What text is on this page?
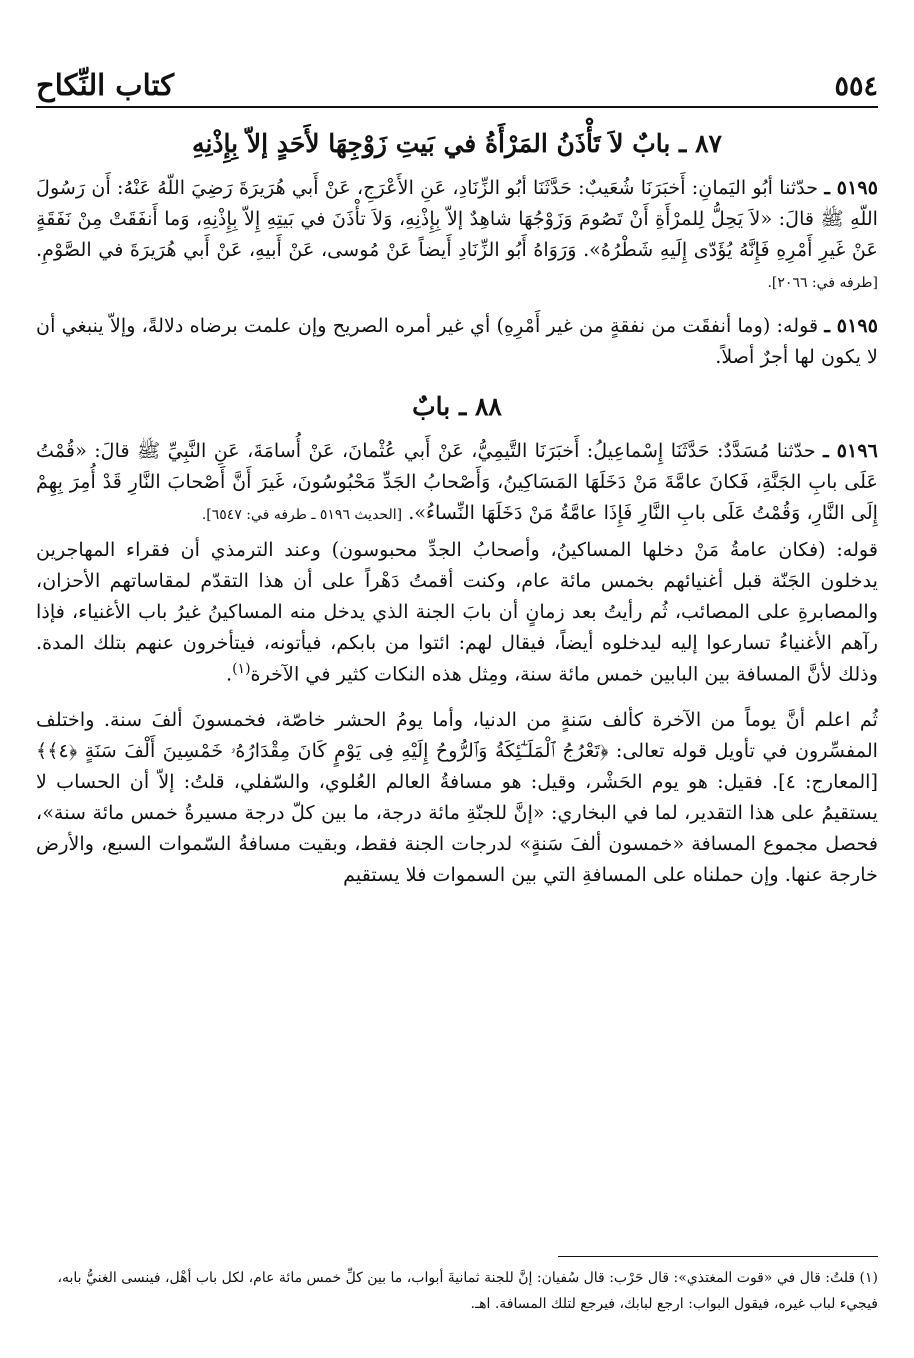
كتاب النِّكاح	٥٥٤
٨٧ ـ بابٌ لاَ تَأْذَنُ المَرْأَةُ في بَيتِ زَوْجِهَا لأَحَدٍ إلاّ بِإِذْنِهِ

٥١٩٥ ـ حدّثنا أبُو اليَمانِ: أَخبَرَنَا شُعَيبٌ: حَدَّثَنَا أبُو الزِّنَادِ، عَنِ الأَعْرَجِ، عَنْ أَبي هُرَيرَةَ رَضِيَ اللّهُ عَنْهُ: أَن رَسُولَ اللّهِ ﷺ قالَ: «لاَ يَحِلُّ لِلمرْأَةِ أَنْ تَصُومَ وَزَوْجُهَا شاهِدٌ إلاّ بِإِذْنِهِ، وَلاَ تأْذَنَ في بَيتِهِ إِلاّ بِإِذْنِهِ، وَما أَنفَقَتْ مِنْ نَفَقَةٍ عَنْ غَيرِ أَمْرِهِ فَإِنَّهُ يُؤَدّى إِلَيهِ شَطْرُهُ». وَرَوَاهُ أَبُو الزِّنَادِ أَيضاً عَنْ مُوسى، عَنْ أَبيهِ، عَنْ أَبي هُرَيرَةَ في الصَّوْمِ. [طرفه في: ٢٠٦٦].

٥١٩٥ ـ قوله: (وما أنفقَت من نفقةٍ من غير أَمْرِهِ) أي غير أمره الصريح وإن علمت برضاه دلالةً، وإلاّ ينبغي أن لا يكون لها أجرٌ أصلاً.

٨٨ ـ بابٌ

٥١٩٦ ـ حدّثنا مُسَدَّدٌ: حَدَّثَنَا إِسْماعِيلُ: أَخبَرَنَا التَّيمِيُّ، عَنْ أَبي عُثْمانَ، عَنْ أُسامَةَ، عَنِ النَّبِيِّ ﷺ قالَ: «قُمْتُ عَلَى بابِ الجَنَّةِ، فَكانَ عامَّةَ مَنْ دَخَلَهَا المَسَاكِينُ، وَأَصْحابُ الجَدِّ مَحْبُوسُونَ، غَيرَ أَنَّ أَصْحابَ النَّارِ قَدْ أُمِرَ بِهِمْ إِلَى النَّارِ، وَقُمْتُ عَلَى بابِ النَّارِ فَإِذَا عامَّةُ مَنْ دَخَلَهَا النِّساءُ». [الحديث ٥١٩٦ ـ طرفه في: ٦٥٤٧].

قوله: (فكان عامةُ مَنْ دخلها المساكينُ، وأصحابُ الجدِّ محبوسون) وعند الترمذي أن فقراء المهاجرين يدخلون الجَنّة قبل أغنيائهم بخمس مائة عام، وكنت أقمتُ دَهْراً على أن هذا التقدّم لمقاساتهم الأحزان، والمصابرةِ على المصائب، ثُم رأيتُ بعد زمانٍ أن بابَ الجنة الذي يدخل منه المساكينُ غيرُ باب الأغنياء، فإذا رآهم الأغنياءُ تسارعوا إليه ليدخلوه أيضاً، فيقال لهم: ائتوا من بابكم، فيأتونه، فيتأخرون عنهم بتلك المدة. وذلك لأنَّ المسافة بين البابين خمس مائة سنة، ومِثل هذه النكات كثير في الآخرة$^{(١)}$.

ثُم اعلم أنَّ يوماً من الآخرة كألف سَنةٍ من الدنيا، وأما يومُ الحشر خاصّة، فخمسونَ ألفَ سنة. واختلف المفسِّرون في تأويل قوله تعالى: ﴿تَعْرُجُ ٱلْمَلَـٰٓئِكَةُ وَٱلرُّوحُ إِلَيْهِ فِى يَوْمٍ كَانَ مِقْدَارُهُۥ خَمْسِينَ أَلْفَ سَنَةٍ ﴿٤﴾﴾ [المعارج: ٤]. فقيل: هو يوم الحَشْر، وقيل: هو مسافةُ العالم العُلوي، والسّفلي، قلتُ: إلاّ أن الحساب لا يستقيمُ على هذا التقدير، لما في البخاري: «إنَّ للجنّةِ مائة درجة، ما بين كلّ درجة مسيرةُ خمس مائة سنة»، فحصل مجموع المسافة «خمسون ألفَ سَنةٍ» لدرجات الجنة فقط، وبقيت مسافةُ السّموات السبع، والأرض خارجة عنها. وإن حملناه على المسافةِ التي بين السموات فلا يستقيم

(١) قلتُ: قال في «قوت المغتذي»: قال حَرْب: قال سُفيان: إنَّ للجنة ثمانيةَ أبواب، ما بين كلِّ خمس مائة عام، لكل باب أهْل، فينسى الغنيُّ بابه، فيجيء لباب غيره، فيقول البواب: ارجع لبابك، فيرجع لتلك المسافة. اهـ.
